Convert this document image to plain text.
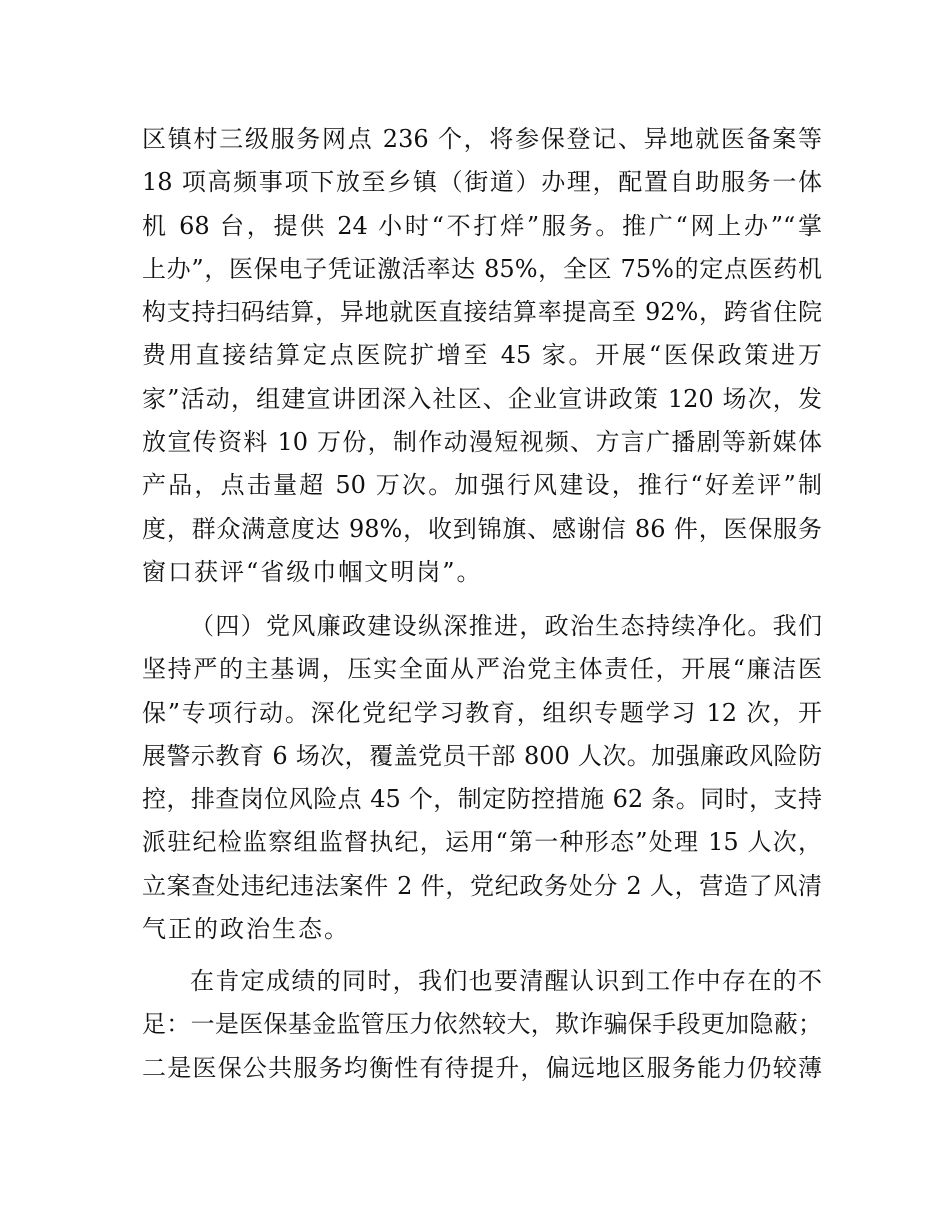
区镇村三级服务网点 236 个，将参保登记、异地就医备案等
18 项高频事项下放至乡镇（街道）办理，配置自助服务一体
机 68 台，提供 24 小时“不打烊”服务。推广“网上办”“掌
上办”，医保电子凭证激活率达 85%，全区 75%的定点医药机
构支持扫码结算，异地就医直接结算率提高至 92%，跨省住院
费用直接结算定点医院扩增至 45 家。开展“医保政策进万
家”活动，组建宣讲团深入社区、企业宣讲政策 120 场次，发
放宣传资料 10 万份，制作动漫短视频、方言广播剧等新媒体
产品，点击量超 50 万次。加强行风建设，推行“好差评”制
度，群众满意度达 98%，收到锦旗、感谢信 86 件，医保服务
窗口获评“省级巾帼文明岗”。
（四）党风廉政建设纵深推进，政治生态持续净化。我们
坚持严的主基调，压实全面从严治党主体责任，开展“廉洁医
保”专项行动。深化党纪学习教育，组织专题学习 12 次，开
展警示教育 6 场次，覆盖党员干部 800 人次。加强廉政风险防
控，排查岗位风险点 45 个，制定防控措施 62 条。同时，支持
派驻纪检监察组监督执纪，运用“第一种形态”处理 15 人次，
立案查处违纪违法案件 2 件，党纪政务处分 2 人，营造了风清
气正的政治生态。
在肯定成绩的同时，我们也要清醒认识到工作中存在的不
足：一是医保基金监管压力依然较大，欺诈骗保手段更加隐蔽；
二是医保公共服务均衡性有待提升，偏远地区服务能力仍较薄
